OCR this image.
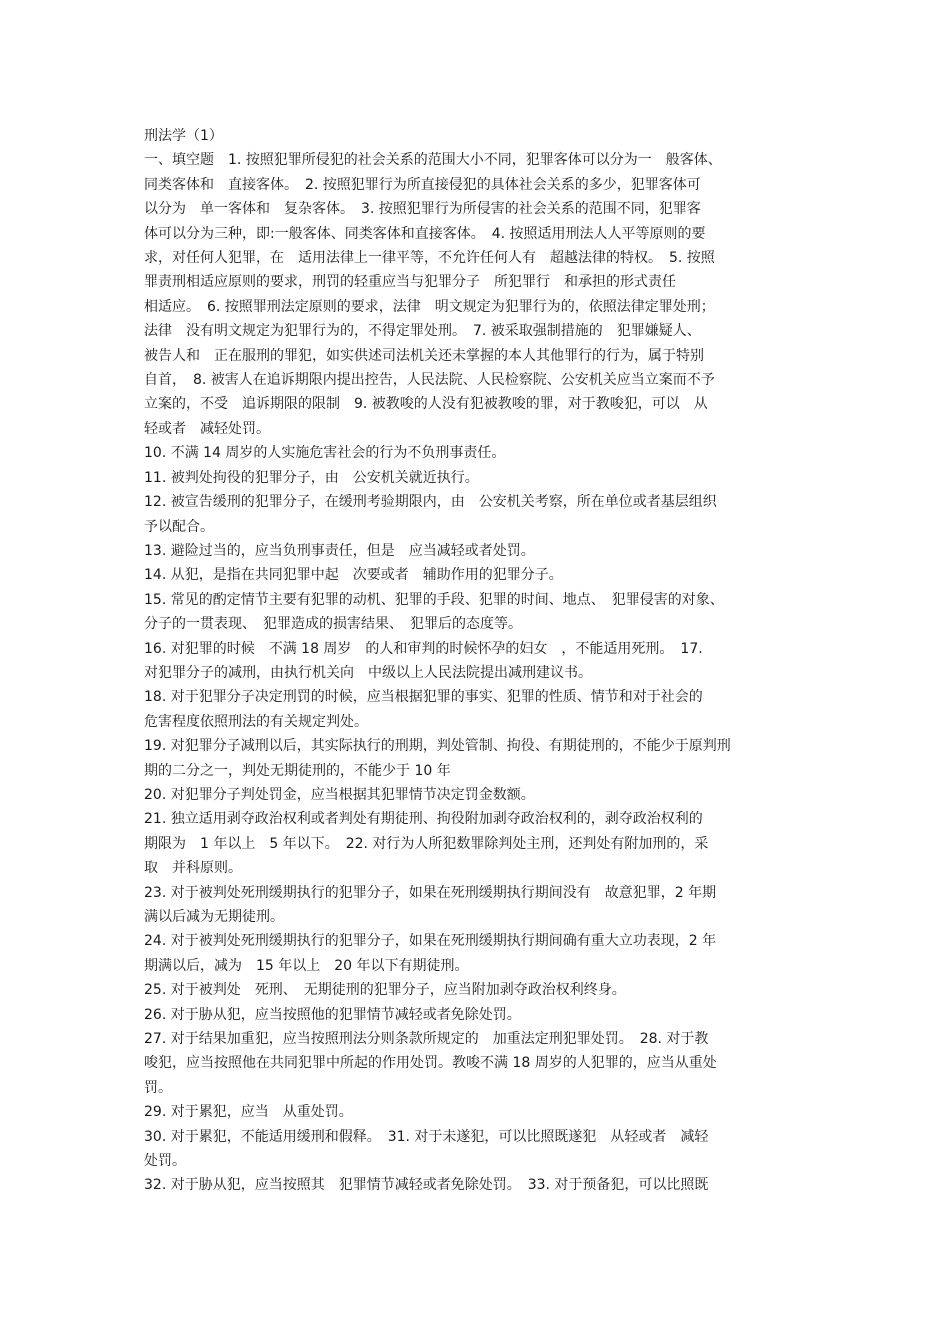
刑法学（1）
一、填空题　1. 按照犯罪所侵犯的社会关系的范围大小不同，犯罪客体可以分为一　般客体、
同类客体和　直接客体。　2. 按照犯罪行为所直接侵犯的具体社会关系的多少，犯罪客体可
以分为　单一客体和　复杂客体。　3. 按照犯罪行为所侵害的社会关系的范围不同，犯罪客
体可以分为三种，即:一般客体、同类客体和直接客体。　4. 按照适用刑法人人平等原则的要
求，对任何人犯罪，在　适用法律上一律平等，不允许任何人有　超越法律的特权。　5. 按照
罪责刑相适应原则的要求，刑罚的轻重应当与犯罪分子　所犯罪行　和承担的形式责任
相适应。　6. 按照罪刑法定原则的要求，法律　明文规定为犯罪行为的，依照法律定罪处刑；
法律　没有明文规定为犯罪行为的，不得定罪处刑。　7. 被采取强制措施的　犯罪嫌疑人、
被告人和　正在服刑的罪犯，如实供述司法机关还未掌握的本人其他罪行的行为，属于特别
自首，　8. 被害人在追诉期限内提出控告，人民法院、人民检察院、公安机关应当立案而不予
立案的，不受　追诉期限的限制　9. 被教唆的人没有犯被教唆的罪，对于教唆犯，可以　从
轻或者　减轻处罚。
10. 不满 14 周岁的人实施危害社会的行为不负刑事责任。
11. 被判处拘役的犯罪分子，由　公安机关就近执行。
12. 被宣告缓刑的犯罪分子，在缓刑考验期限内，由　公安机关考察，所在单位或者基层组织
予以配合。
13. 避险过当的，应当负刑事责任，但是　应当减轻或者处罚。
14. 从犯，是指在共同犯罪中起　次要或者　辅助作用的犯罪分子。
15. 常见的酌定情节主要有犯罪的动机、犯罪的手段、犯罪的时间、地点、　犯罪侵害的对象、
分子的一贯表现、　犯罪造成的损害结果、　犯罪后的态度等。
16. 对犯罪的时候　不满 18 周岁　的人和审判的时候怀孕的妇女　，不能适用死刑。　17.
对犯罪分子的减刑，由执行机关向　中级以上人民法院提出减刑建议书。
18. 对于犯罪分子决定刑罚的时候，应当根据犯罪的事实、犯罪的性质、情节和对于社会的
危害程度依照刑法的有关规定判处。
19. 对犯罪分子减刑以后，其实际执行的刑期，判处管制、拘役、有期徒刑的，不能少于原判刑
期的二分之一，判处无期徒刑的，不能少于 10 年
20. 对犯罪分子判处罚金，应当根据其犯罪情节决定罚金数额。
21. 独立适用剥夺政治权利或者判处有期徒刑、拘役附加剥夺政治权利的，剥夺政治权利的
期限为　1 年以上　5 年以下。　22. 对行为人所犯数罪除判处主刑，还判处有附加刑的，采
取　并科原则。
23. 对于被判处死刑缓期执行的犯罪分子，如果在死刑缓期执行期间没有　故意犯罪，2 年期
满以后减为无期徒刑。
24. 对于被判处死刑缓期执行的犯罪分子，如果在死刑缓期执行期间确有重大立功表现，2 年
期满以后，减为　15 年以上　20 年以下有期徒刑。
25. 对于被判处　死刑、　无期徒刑的犯罪分子，应当附加剥夺政治权利终身。
26. 对于胁从犯，应当按照他的犯罪情节减轻或者免除处罚。
27. 对于结果加重犯，应当按照刑法分则条款所规定的　加重法定刑犯罪处罚。　28. 对于教
唆犯，应当按照他在共同犯罪中所起的作用处罚。教唆不满 18 周岁的人犯罪的，应当从重处
罚。
29. 对于累犯，应当　从重处罚。
30. 对于累犯，不能适用缓刑和假释。　31. 对于未遂犯，可以比照既遂犯　从轻或者　减轻
处罚。
32. 对于胁从犯，应当按照其　犯罪情节减轻或者免除处罚。　33. 对于预备犯，可以比照既
